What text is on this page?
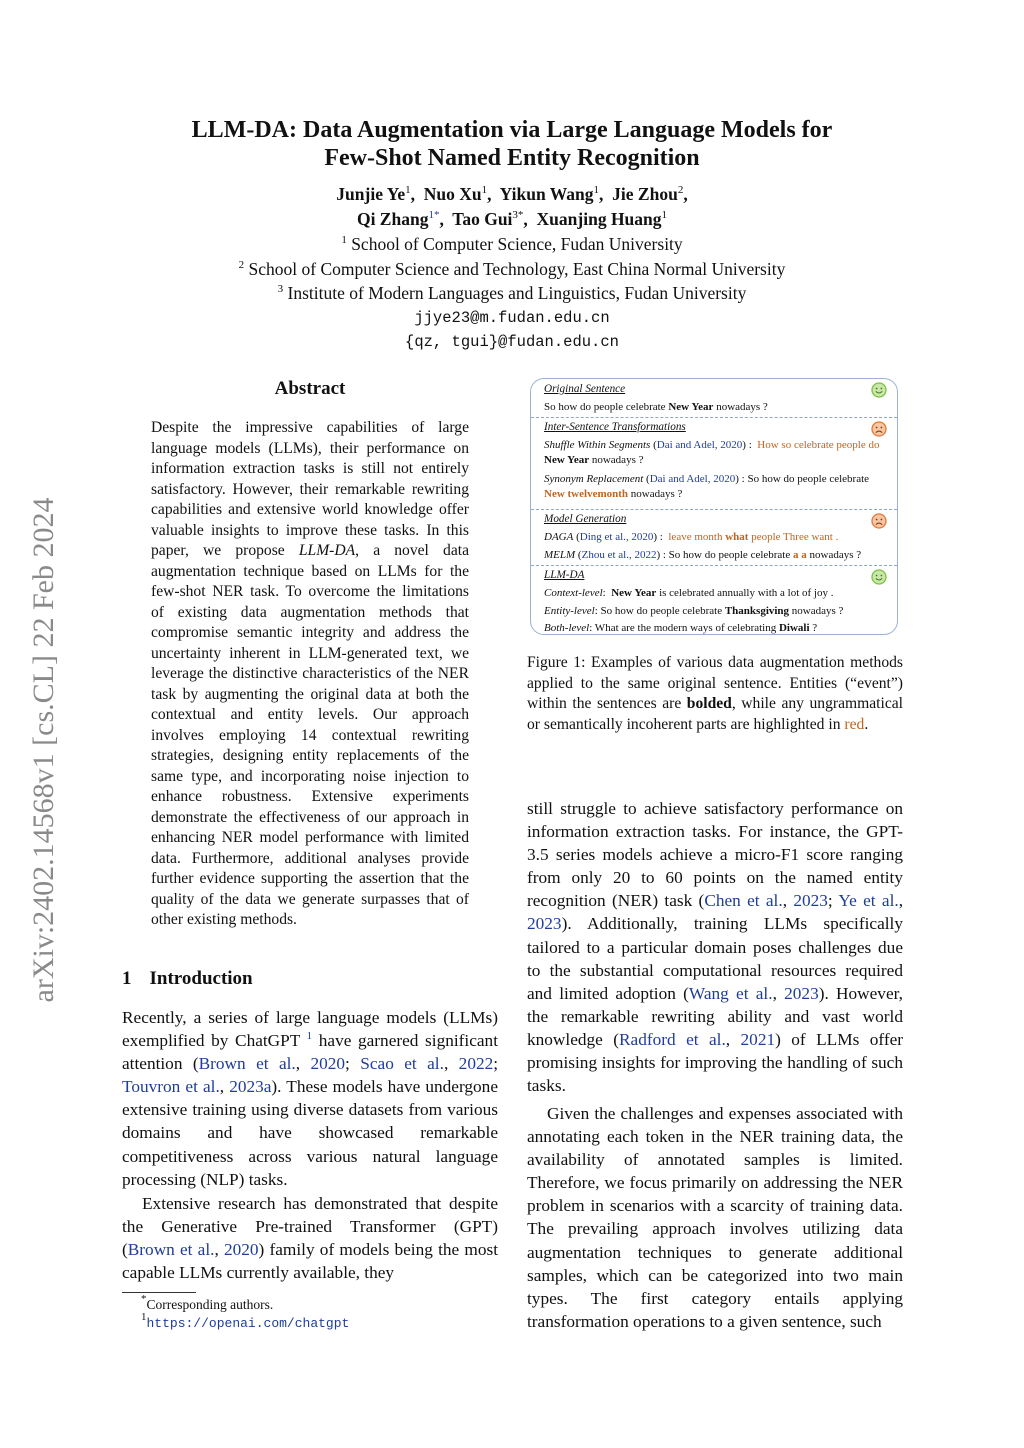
arXiv:2402.14568v1 [cs.CL] 22 Feb 2024
LLM-DA: Data Augmentation via Large Language Models for
Few-Shot Named Entity Recognition
Junjie Ye$^1$,  Nuo Xu$^1$,  Yikun Wang$^1$,  Jie Zhou$^2$,
Qi Zhang$^{1*}$,  Tao Gui$^{3*}$,  Xuanjing Huang$^1$
$^1$ School of Computer Science, Fudan University
$^2$ School of Computer Science and Technology, East China Normal University
$^3$ Institute of Modern Languages and Linguistics, Fudan University
jjye23@m.fudan.edu.cn
{qz, tgui}@fudan.edu.cn
Abstract
Despite the impressive capabilities of large language models (LLMs), their performance on information extraction tasks is still not entirely satisfactory. However, their remarkable rewriting capabilities and extensive world knowledge offer valuable insights to improve these tasks. In this paper, we propose LLM-DA, a novel data augmentation technique based on LLMs for the few-shot NER task. To overcome the limitations of existing data augmentation methods that compromise semantic integrity and address the uncertainty inherent in LLM-generated text, we leverage the distinctive characteristics of the NER task by augmenting the original data at both the contextual and entity levels. Our approach involves employing 14 contextual rewriting strategies, designing entity replacements of the same type, and incorporating noise injection to enhance robustness. Extensive experiments demonstrate the effectiveness of our approach in enhancing NER model performance with limited data. Furthermore, additional analyses provide further evidence supporting the assertion that the quality of the data we generate surpasses that of other existing methods.
1 Introduction
Recently, a series of large language models (LLMs) exemplified by ChatGPT $^1$ have garnered significant attention (Brown et al., 2020; Scao et al., 2022; Touvron et al., 2023a). These models have undergone extensive training using diverse datasets from various domains and have showcased remarkable competitiveness across various natural language processing (NLP) tasks.
Extensive research has demonstrated that despite the Generative Pre-trained Transformer (GPT) (Brown et al., 2020) family of models being the most capable LLMs currently available, they
*Corresponding authors.
$^1$https://openai.com/chatgpt
Original Sentence
So how do people celebrate New Year nowadays ?
Inter-Sentence Transformations
Shuffle Within Segments (Dai and Adel, 2020) :  How so celebrate people do New Year nowadays ?
Synonym Replacement (Dai and Adel, 2020) : So how do people celebrate New twelvemonth nowadays ?
Model Generation
DAGA (Ding et al., 2020) :  leave month what people Three want .
MELM (Zhou et al., 2022) : So how do people celebrate a a nowadays ?
LLM-DA
Context-level:  New Year is celebrated annually with a lot of joy .
Entity-level: So how do people celebrate Thanksgiving nowadays ?
Both-level: What are the modern ways of celebrating Diwali ?
Figure 1: Examples of various data augmentation methods applied to the same original sentence. Entities (“event”) within the sentences are bolded, while any ungrammatical or semantically incoherent parts are highlighted in red.
still struggle to achieve satisfactory performance on information extraction tasks. For instance, the GPT-3.5 series models achieve a micro-F1 score ranging from only 20 to 60 points on the named entity recognition (NER) task (Chen et al., 2023; Ye et al., 2023). Additionally, training LLMs specifically tailored to a particular domain poses challenges due to the substantial computational resources required and limited adoption (Wang et al., 2023). However, the remarkable rewriting ability and vast world knowledge (Radford et al., 2021) of LLMs offer promising insights for improving the handling of such tasks.
Given the challenges and expenses associated with annotating each token in the NER training data, the availability of annotated samples is limited. Therefore, we focus primarily on addressing the NER problem in scenarios with a scarcity of training data. The prevailing approach involves utilizing data augmentation techniques to generate additional samples, which can be categorized into two main types. The first category entails applying transformation operations to a given sentence, such
